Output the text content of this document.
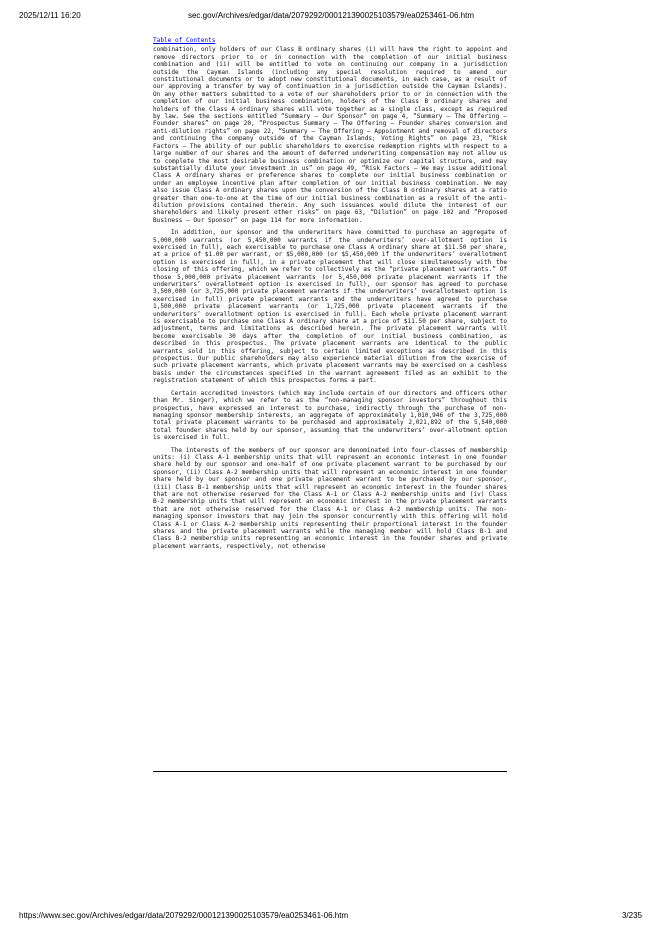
2025/12/11 16:20	sec.gov/Archives/edgar/data/2079292/000121390025103579/ea0253461-06.htm
Table of Contents

combination, only holders of our Class B ordinary shares (i) will have the right to appoint and remove directors prior to or in connection with the completion of our initial business combination and (ii) will be entitled to vote on continuing our company in a jurisdiction outside the Cayman Islands (including any special resolution required to amend our constitutional documents or to adopt new constitutional documents, in each case, as a result of our approving a transfer by way of continuation in a jurisdiction outside the Cayman Islands). On any other matters submitted to a vote of our shareholders prior to or in connection with the completion of our initial business combination, holders of the Class B ordinary shares and holders of the Class A ordinary shares will vote together as a single class, except as required by law. See the sections entitled “Summary — Our Sponsor” on page 4, “Summary — The Offering — Founder shares” on page 20, “Prospectus Summary — The Offering — Founder shares conversion and anti-dilution rights” on page 22, “Summary — The Offering — Appointment and removal of directors and continuing the company outside of the Cayman Islands; Voting Rights” on page 23, “Risk Factors — The ability of our public shareholders to exercise redemption rights with respect to a large number of our shares and the amount of deferred underwriting compensation may not allow us to complete the most desirable business combination or optimize our capital structure, and may substantially dilute your investment in us” on page 49, “Risk Factors — We may issue additional Class A ordinary shares or preference shares to complete our initial business combination or under an employee incentive plan after completion of our initial business combination. We may also issue Class A ordinary shares upon the conversion of the Class B ordinary shares at a ratio greater than one-to-one at the time of our initial business combination as a result of the anti-dilution provisions contained therein. Any such issuances would dilute the interest of our shareholders and likely present other risks” on page 63, “Dilution” on page 102 and “Proposed Business — Our Sponsor” on page 114 for more information.

In addition, our sponsor and the underwriters have committed to purchase an aggregate of 5,000,000 warrants (or 5,450,000 warrants if the underwriters’ over-allotment option is exercised in full), each exercisable to purchase one Class A ordinary share at $11.50 per share, at a price of $1.00 per warrant, or $5,000,000 (or $5,450,000 if the underwriters’ overallotment option is exercised in full), in a private placement that will close simultaneously with the closing of this offering, which we refer to collectively as the “private placement warrants.” Of those 5,000,000 private placement warrants (or 5,450,000 private placement warrants if the underwriters’ overallotment option is exercised in full), our sponsor has agreed to purchase 3,500,000 (or 3,725,000 private placement warrants if the underwriters’ overallotment option is exercised in full) private placement warrants and the underwriters have agreed to purchase 1,500,000 private placement warrants (or 1,725,000 private placement warrants if the underwriters’ overallotment option is exercised in full). Each whole private placement warrant is exercisable to purchase one Class A ordinary share at a price of $11.50 per share, subject to adjustment, terms and limitations as described herein. The private placement warrants will become exercisable 30 days after the completion of our initial business combination, as described in this prospectus. The private placement warrants are identical to the public warrants sold in this offering, subject to certain limited exceptions as described in this prospectus. Our public shareholders may also experience material dilution from the exercise of such private placement warrants, which private placement warrants may be exercised on a cashless basis under the circumstances specified in the warrant agreement filed as an exhibit to the registration statement of which this prospectus forms a part.

Certain accredited investors (which may include certain of our directors and officers other than Mr. Singer), which we refer to as the “non-managing sponsor investors” throughout this prospectus, have expressed an interest to purchase, indirectly through the purchase of non-managing sponsor membership interests, an aggregate of approximately 1,010,946 of the 3,725,000 total private placement warrants to be purchased and approximately 2,021,892 of the 5,540,000 total founder shares held by our sponsor, assuming that the underwriters’ over-allotment option is exercised in full.

The interests of the members of our sponsor are denominated into four-classes of membership units: (i) Class A-1 membership units that will represent an economic interest in one founder share held by our sponsor and one-half of one private placement warrant to be purchased by our sponsor, (ii) Class A-2 membership units that will represent an economic interest in one founder share held by our sponsor and one private placement warrant to be purchased by our sponsor, (iii) Class B-1 membership units that will represent an economic interest in the founder shares that are not otherwise reserved for the Class A-1 or Class A-2 membership units and (iv) Class B-2 membership units that will represent an economic interest in the private placement warrants that are not otherwise reserved for the Class A-1 or Class A-2 membership units. The non-managing sponsor investors that may join the sponsor concurrently with this offering will hold Class A-1 or Class A-2 membership units representing their proportional interest in the founder shares and the private placement warrants while the managing member will hold Class B-1 and Class B-2 membership units representing an economic interest in the founder shares and private placement warrants, respectively, not otherwise

https://www.sec.gov/Archives/edgar/data/2079292/000121390025103579/ea0253461-06.htm	3/235
